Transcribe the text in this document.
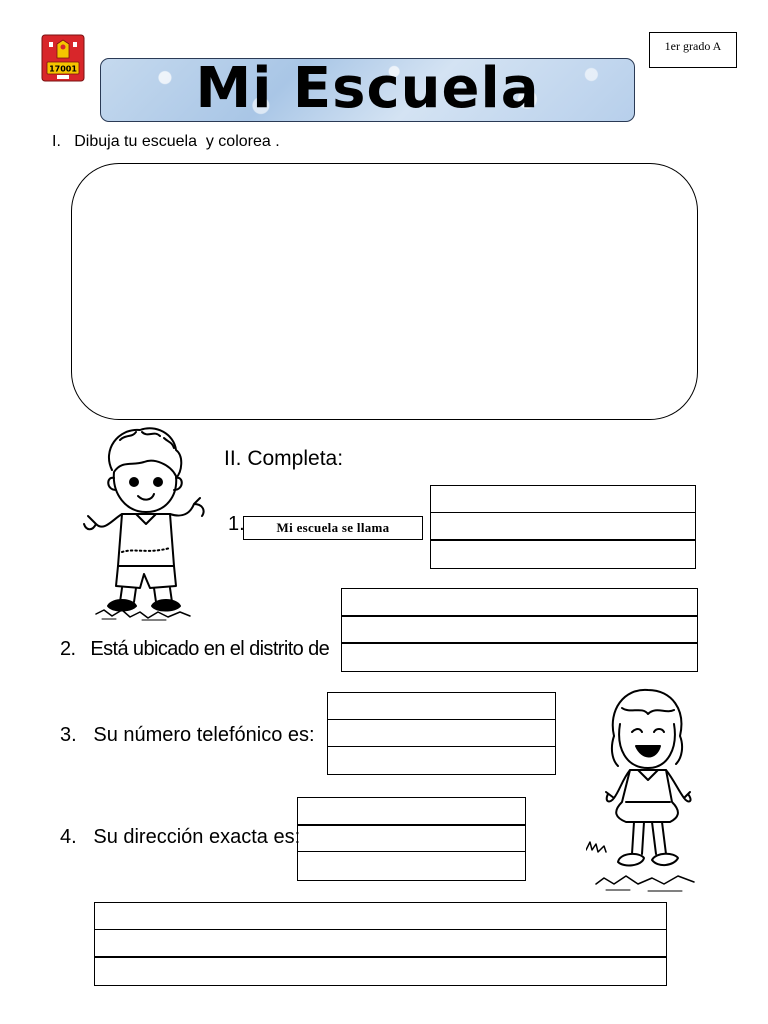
17001 Mi Escuela
1er grado A
I.   Dibuja tu escuela  y colorea .
II. Completa:
1.	Mi escuela se llama
2.   Está ubicado en el distrito de
3.   Su número telefónico es:
4.   Su dirección exacta es:
